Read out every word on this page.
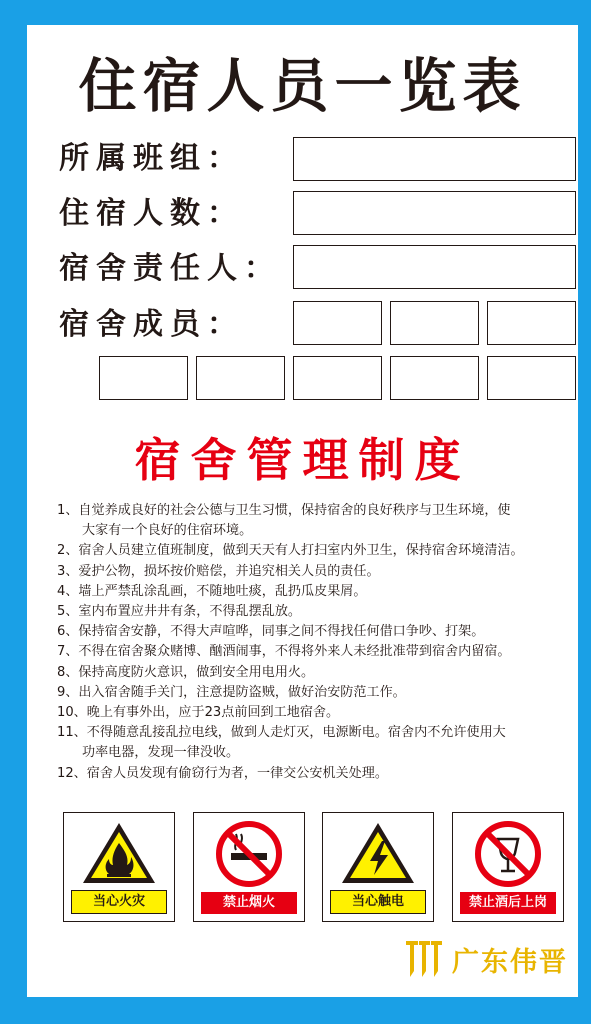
住宿人员一览表
所属班组：
住宿人数：
宿舍责任人：
宿舍成员：
宿舍管理制度
1、自觉养成良好的社会公德与卫生习惯，保持宿舍的良好秩序与卫生环境，使
大家有一个良好的住宿环境。
2、宿舍人员建立值班制度，做到天天有人打扫室内外卫生，保持宿舍环境清洁。
3、爱护公物，损坏按价赔偿，并追究相关人员的责任。
4、墙上严禁乱涂乱画，不随地吐痰，乱扔瓜皮果屑。
5、室内布置应井井有条，不得乱摆乱放。
6、保持宿舍安静，不得大声喧哗，同事之间不得找任何借口争吵、打架。
7、不得在宿舍聚众赌博、酗酒闹事，不得将外来人未经批准带到宿舍内留宿。
8、保持高度防火意识，做到安全用电用火。
9、出入宿舍随手关门，注意提防盗贼，做好治安防范工作。
10、晚上有事外出，应于23点前回到工地宿舍。
11、不得随意乱接乱拉电线，做到人走灯灭，电源断电。宿舍内不允许使用大
功率电器，发现一律没收。
12、宿舍人员发现有偷窃行为者，一律交公安机关处理。
当心火灾	禁止烟火	当心触电	禁止酒后上岗
广东伟晋
